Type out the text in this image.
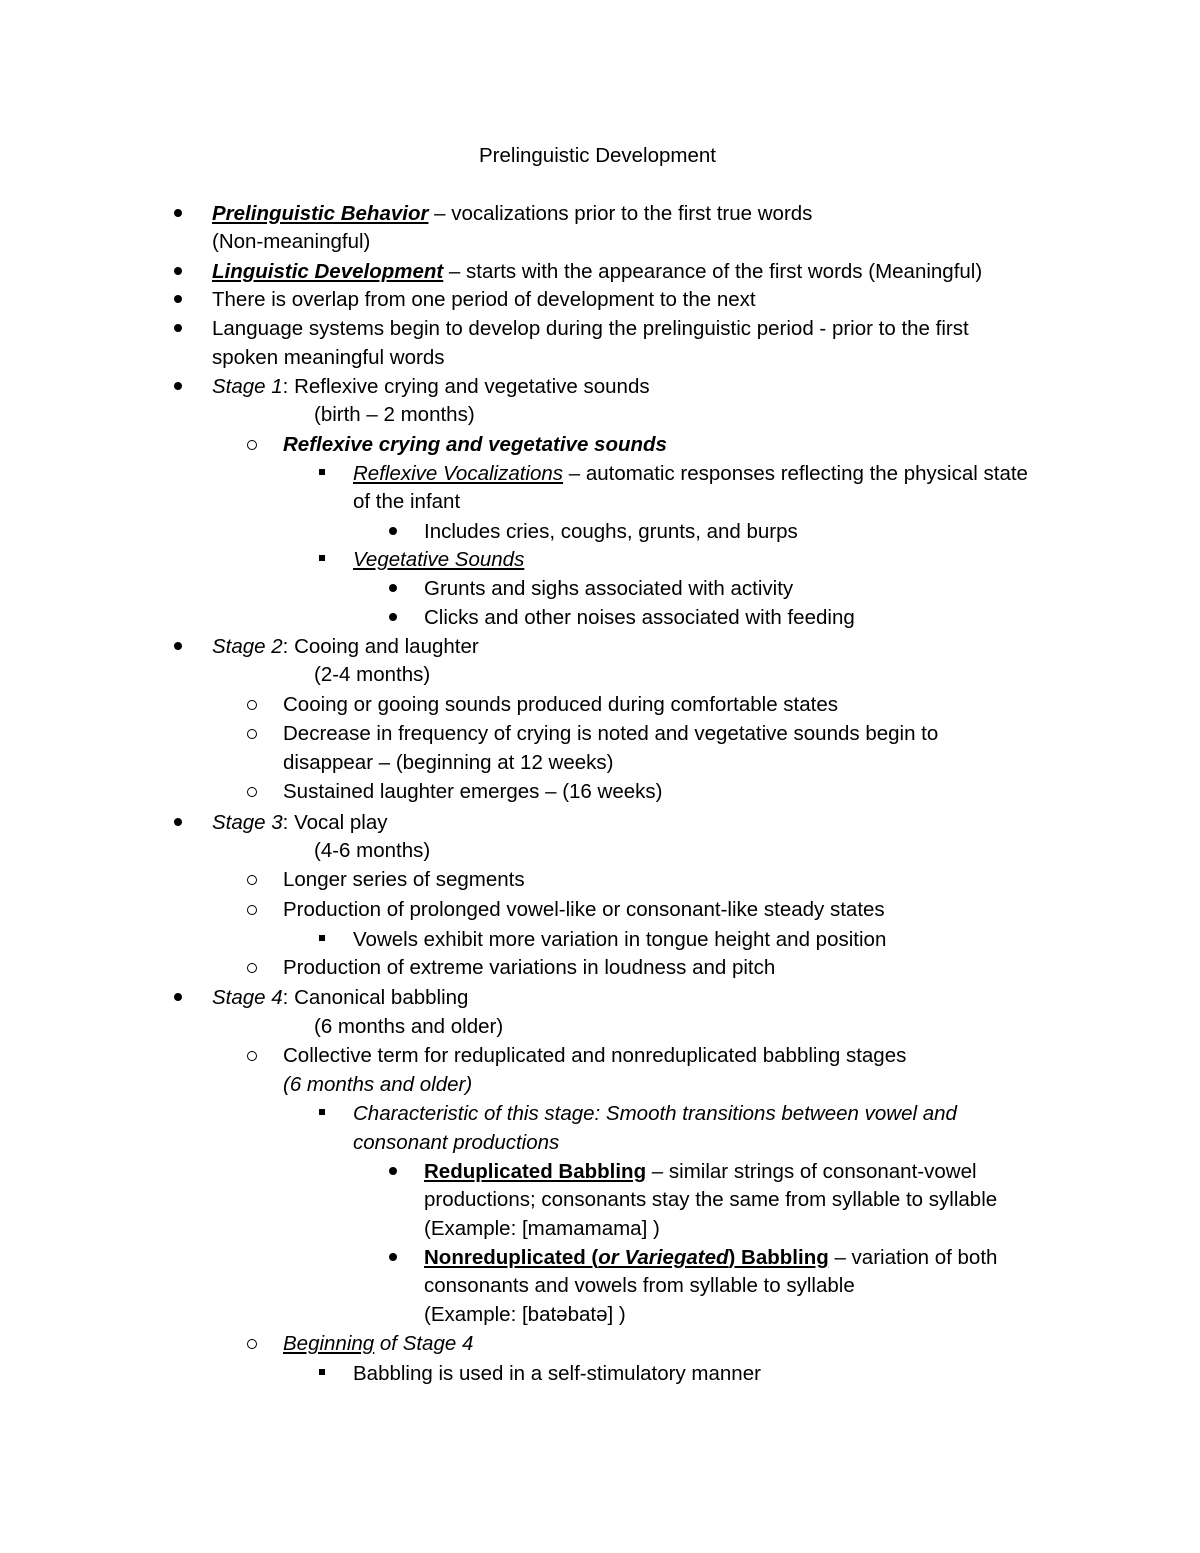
Prelinguistic Development
Prelinguistic Behavior – vocalizations prior to the first true words
(Non-meaningful)
Linguistic Development – starts with the appearance of the first words (Meaningful)
There is overlap from one period of development to the next
Language systems begin to develop during the prelinguistic period - prior to the first
spoken meaningful words
Stage 1: Reflexive crying and vegetative sounds
(birth – 2 months)
Reflexive crying and vegetative sounds
Reflexive Vocalizations – automatic responses reflecting the physical state
of the infant
Includes cries, coughs, grunts, and burps
Vegetative Sounds
Grunts and sighs associated with activity
Clicks and other noises associated with feeding
Stage 2: Cooing and laughter
(2-4 months)
Cooing or gooing sounds produced during comfortable states
Decrease in frequency of crying is noted and vegetative sounds begin to
disappear – (beginning at 12 weeks)
Sustained laughter emerges – (16 weeks)
Stage 3: Vocal play
(4-6 months)
Longer series of segments
Production of prolonged vowel-like or consonant-like steady states
Vowels exhibit more variation in tongue height and position
Production of extreme variations in loudness and pitch
Stage 4: Canonical babbling
(6 months and older)
Collective term for reduplicated and nonreduplicated babbling stages
(6 months and older)
Characteristic of this stage: Smooth transitions between vowel and
consonant productions
Reduplicated Babbling – similar strings of consonant-vowel
productions; consonants stay the same from syllable to syllable
(Example: [mamamama] )
Nonreduplicated (or Variegated) Babbling – variation of both
consonants and vowels from syllable to syllable
(Example: [batəbatə] )
Beginning of Stage 4
Babbling is used in a self-stimulatory manner
